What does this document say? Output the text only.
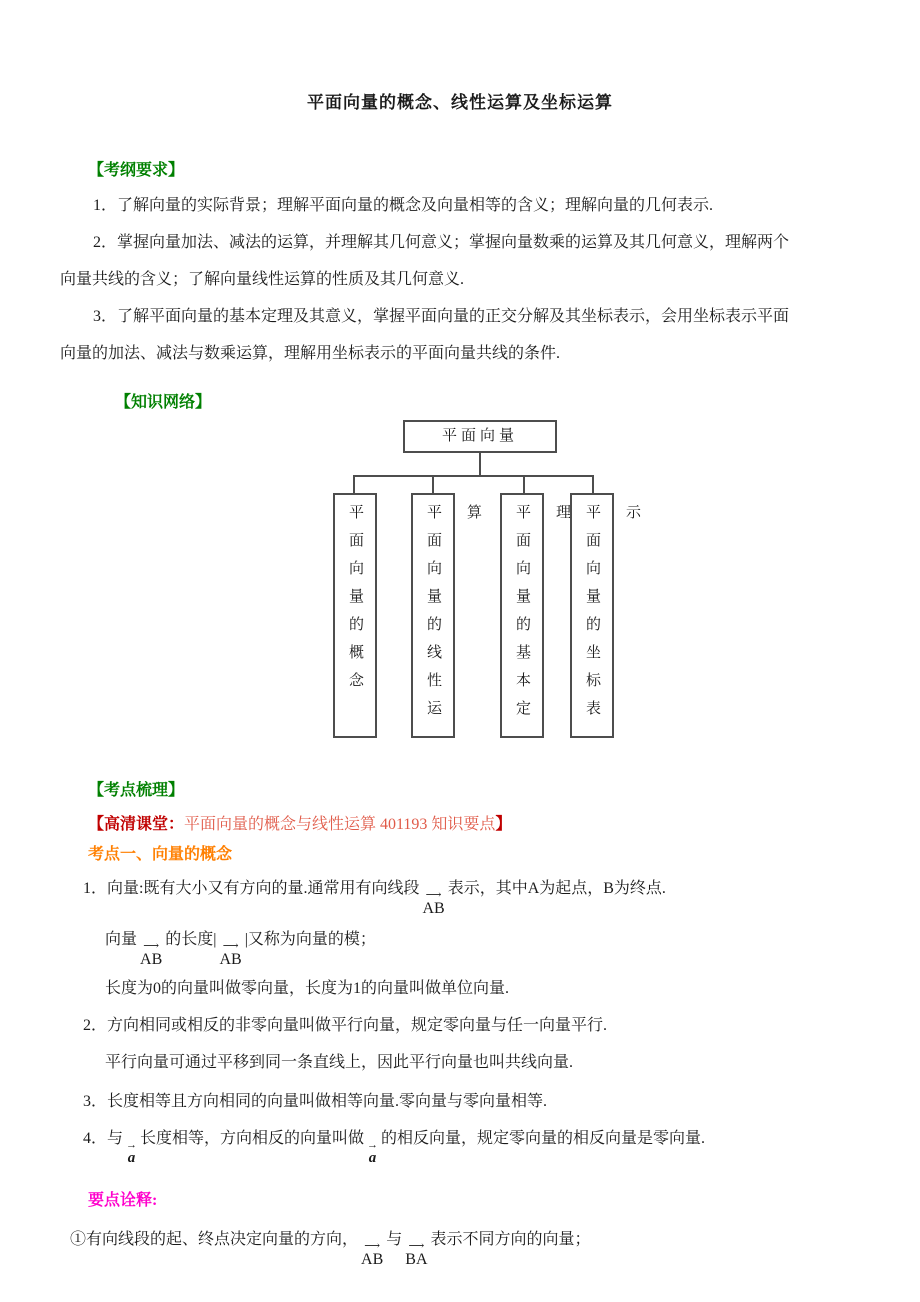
平面向量的概念、线性运算及坐标运算
【考纲要求】
1．了解向量的实际背景；理解平面向量的概念及向量相等的含义；理解向量的几何表示.
2．掌握向量加法、减法的运算，并理解其几何意义；掌握向量数乘的运算及其几何意义，理解两个
向量共线的含义；了解向量线性运算的性质及其几何意义.
3．了解平面向量的基本定理及其意义，掌握平面向量的正交分解及其坐标表示，会用坐标表示平面
向量的加法、减法与数乘运算，理解用坐标表示的平面向量共线的条件.
【知识网络】
平面向量
平面向量的概念	平面向量的线性运算	平面向量的基本定理 平面向量的坐标表示
【考点梳理】
【高清课堂：平面向量的概念与线性运算 401193 知识要点】
考点一、向量的概念
1．向量:既有大小又有方向的量.通常用有向线段 ⟶
AB
表示，其中A为起点，B为终点.
向量 ⟶
AB
的长度| ⟶
AB
|又称为向量的模；
长度为0的向量叫做零向量，长度为1的向量叫做单位向量.
2．方向相同或相反的非零向量叫做平行向量，规定零向量与任一向量平行.
平行向量可通过平移到同一条直线上，因此平行向量也叫共线向量.
3．长度相等且方向相同的向量叫做相等向量.零向量与零向量相等.
4．与 →
a
长度相等，方向相反的向量叫做 →
a
的相反向量，规定零向量的相反向量是零向量.
要点诠释:
①有向线段的起、终点决定向量的方向， ⟶
AB
与 ⟶
BA
表示不同方向的向量；
